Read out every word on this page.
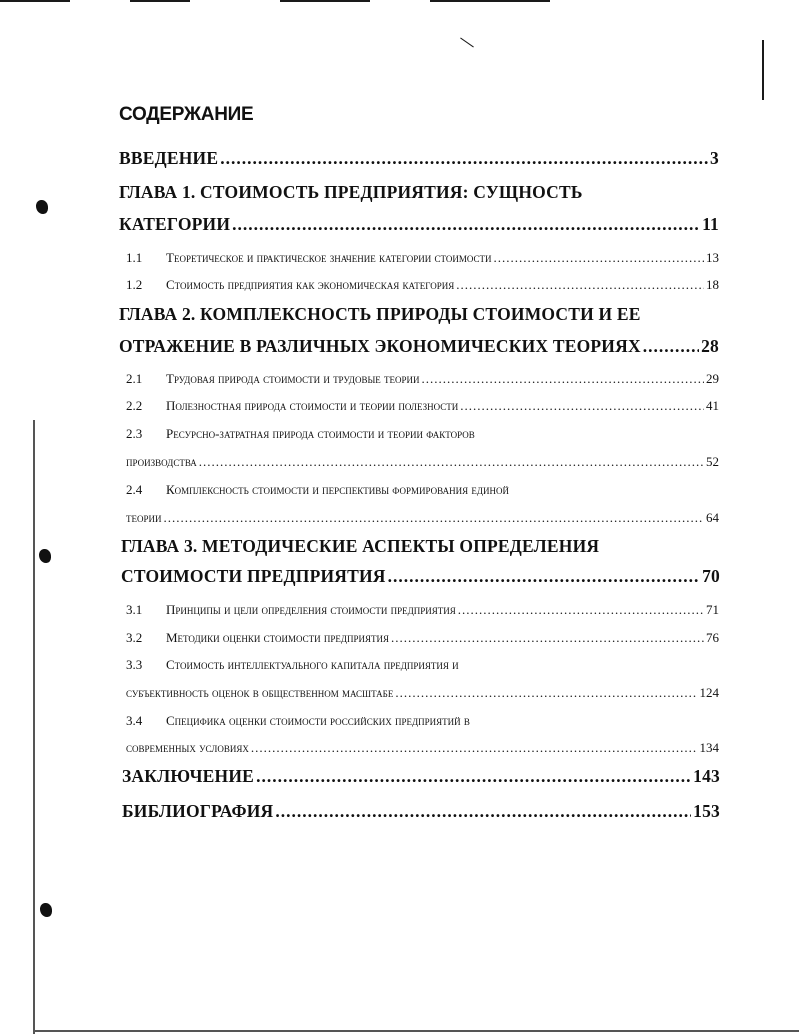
СОДЕРЖАНИЕ
ВВЕДЕНИЕ .....	3
ГЛАВА 1. СТОИМОСТЬ ПРЕДПРИЯТИЯ: СУЩНОСТЬ
КАТЕГОРИИ .....	11
1.1 Теоретическое и практическое значение категории стоимости .....	13
1.2 Стоимость предприятия как экономическая категория .....	18
ГЛАВА 2. КОМПЛЕКСНОСТЬ ПРИРОДЫ СТОИМОСТИ И ЕЕ
ОТРАЖЕНИЕ В РАЗЛИЧНЫХ ЭКОНОМИЧЕСКИХ ТЕОРИЯХ .....	28
2.1 Трудовая природа стоимости и трудовые теории .....	29
2.2 Полезностная природа стоимости и теории полезности .....	41
2.3 Ресурсно-затратная природа стоимости и теории факторов
производства .....	52
2.4 Комплексность стоимости и перспективы формирования единой
теории .....	64
ГЛАВА 3. МЕТОДИЧЕСКИЕ АСПЕКТЫ ОПРЕДЕЛЕНИЯ
СТОИМОСТИ ПРЕДПРИЯТИЯ .....	70
3.1 Принципы и цели определения стоимости предприятия .....	71
3.2 Методики оценки стоимости предприятия .....	76
3.3 Стоимость интеллектуального капитала предприятия и
субъективность оценок в общественном масштабе .....	124
3.4 Специфика оценки стоимости российских предприятий в
современных условиях .....	134
ЗАКЛЮЧЕНИЕ .....	143
БИБЛИОГРАФИЯ .....	153
